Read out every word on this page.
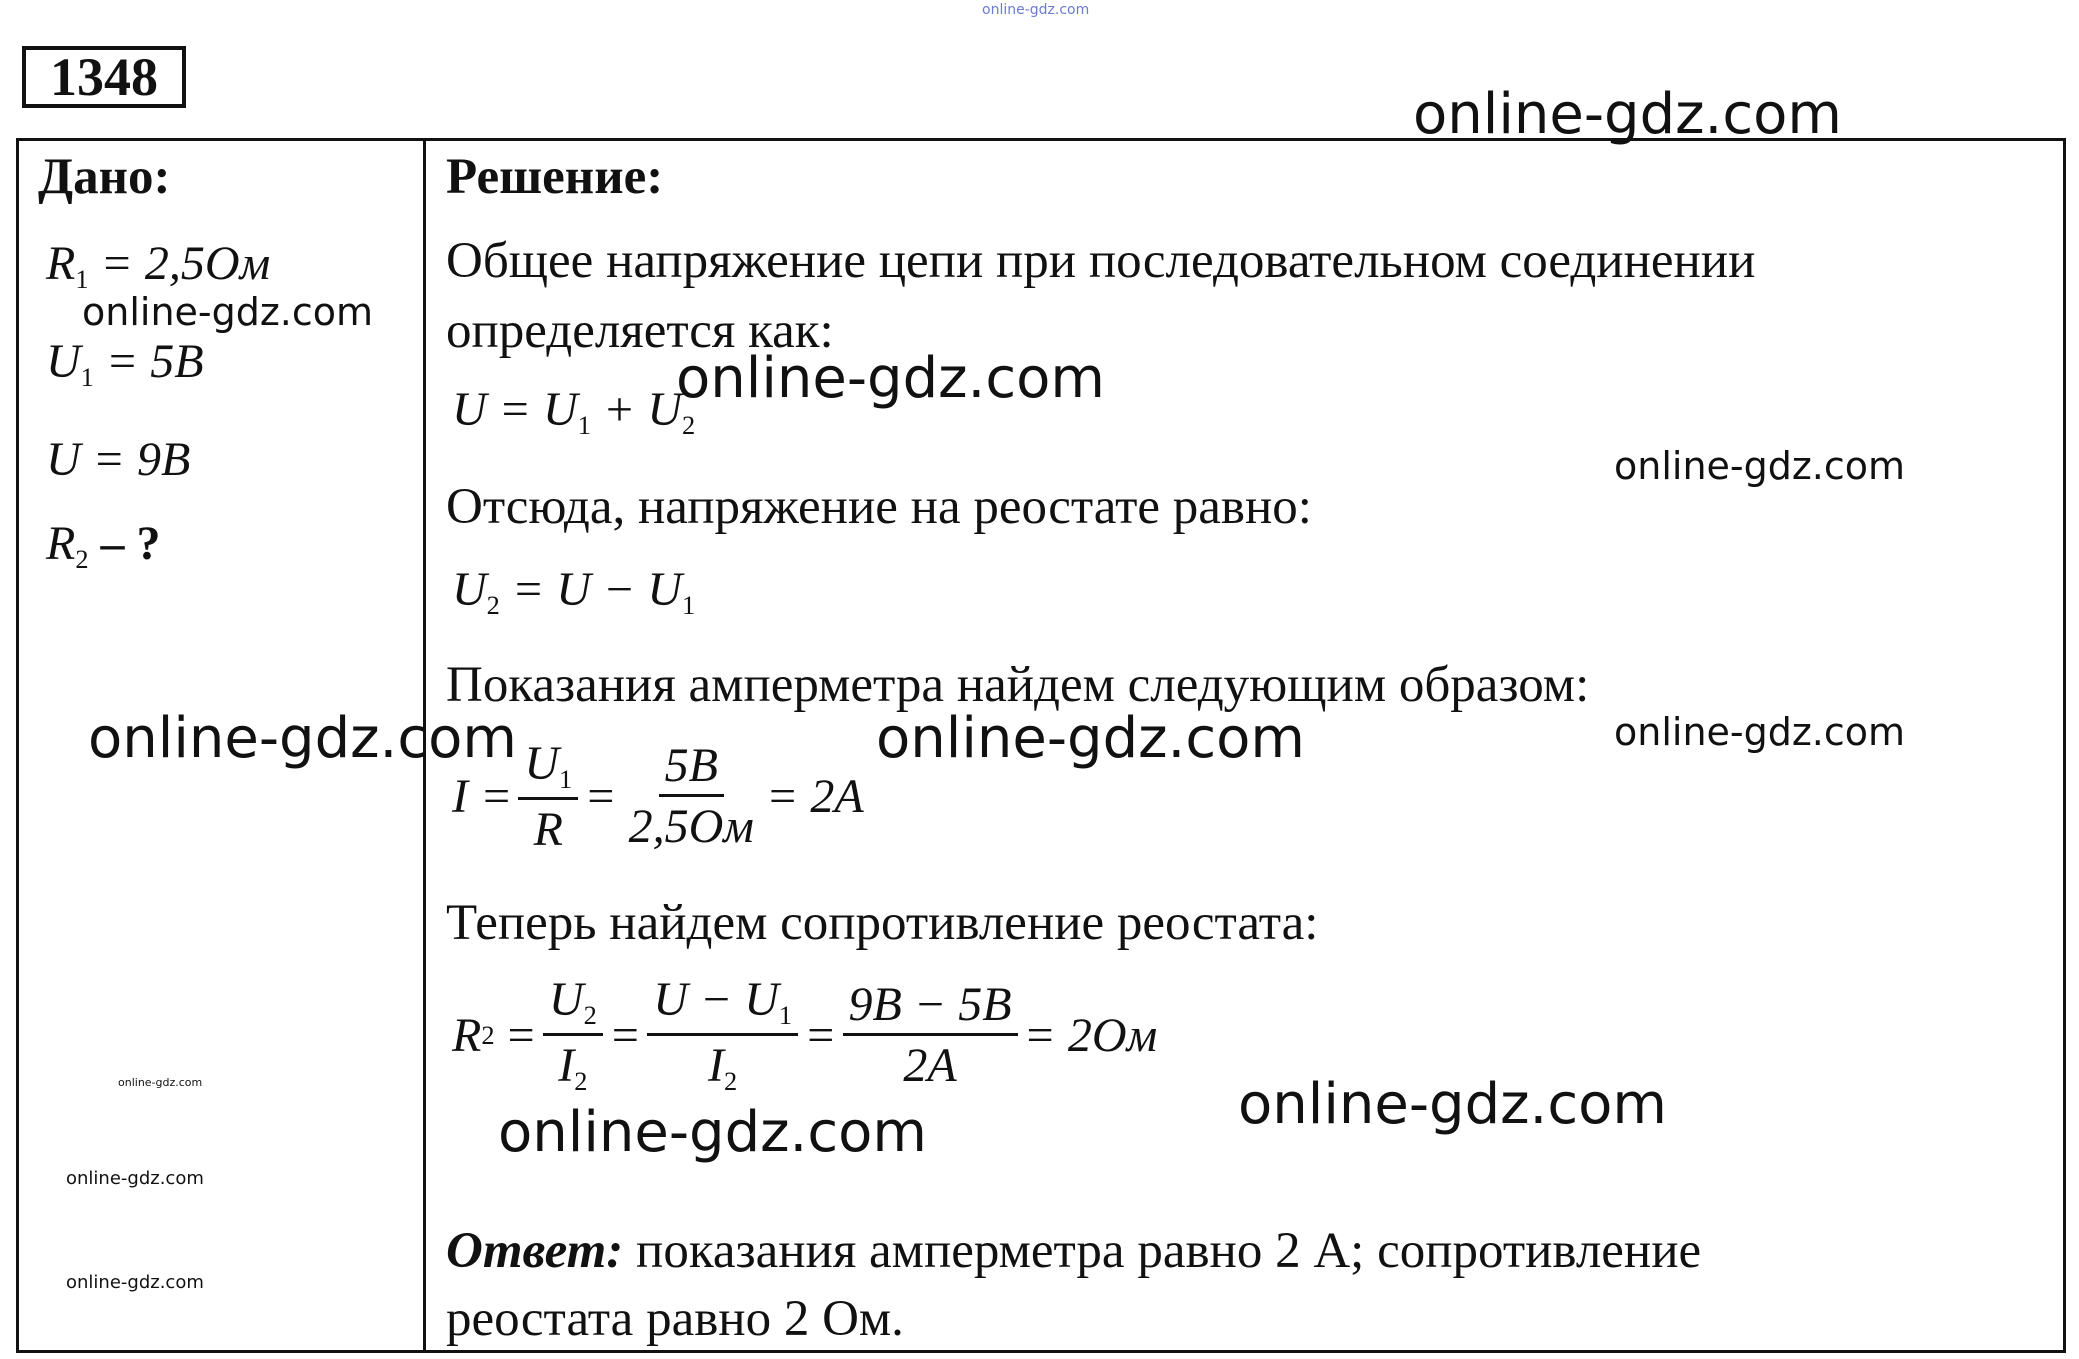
online-gdz.com
1348
online-gdz.com
Дано:
$R_1 = 2,5Ом$
online-gdz.com
$U_1 = 5В$
U = 9В
$R_2$ – ?
Решение:
Общее напряжение цепи при последовательном соединении
определяется как:
$U = U_1 + U_2$
online-gdz.com
online-gdz.com
Отсюда, напряжение на реостате равно:
$U_2 = U - U_1$
Показания амперметра найдем следующим образом:
online-gdz.com	online-gdz.com	online-gdz.com
$I = \frac{U_1}{R} = \frac{5В}{2,5Ом} = 2А$
Теперь найдем сопротивление реостата:
R $2 = \frac{U_2}{I_2} = \frac{U - U_1}{I_2} = \frac{9В - 5В}{2А} = 2Ом$
online-gdz.com
online-gdz.com	online-gdz.com
online-gdz.com
online-gdz.com
Ответ: показания амперметра равно 2 А; сопротивление
реостата равно 2 Ом.
